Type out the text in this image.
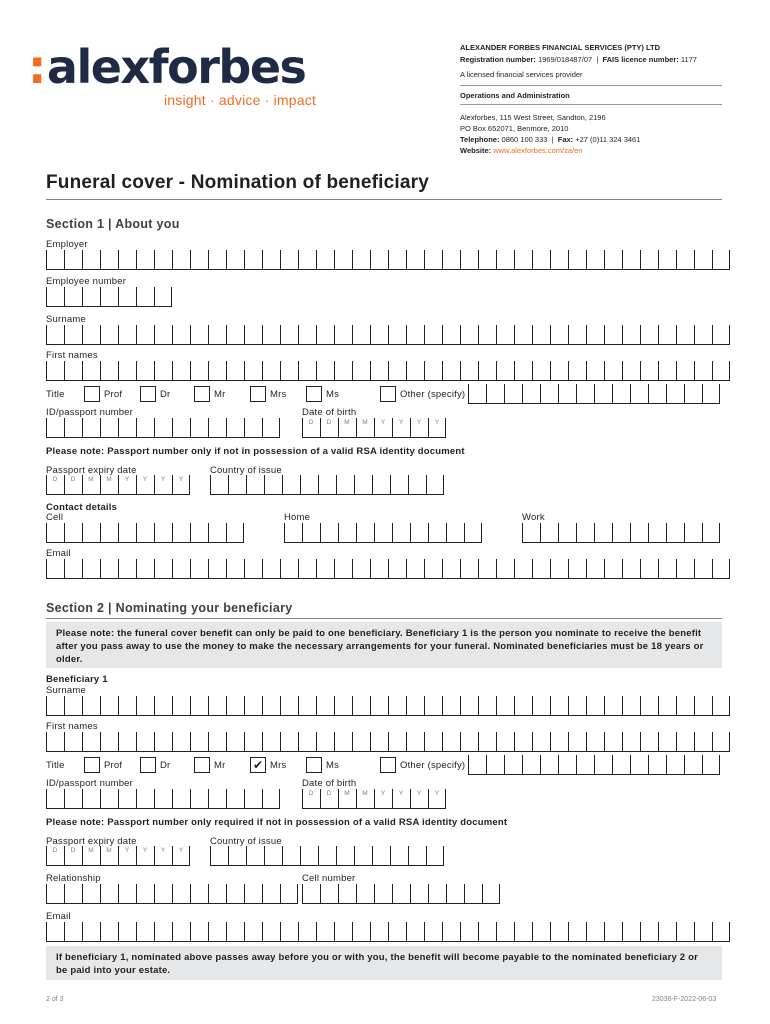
:alexforbes
insight · advice · impact
ALEXANDER FORBES FINANCIAL SERVICES (PTY) LTD
Registration number: 1969/018487/07  |  FAIS licence number: 1177
A licensed financial services provider
Operations and Administration
Alexforbes, 115 West Street, Sandton, 2196
PO Box 652071, Benmore, 2010
Telephone: 0860 100 333  |  Fax: +27 (0)11 324 3461
Website: www.alexforbes.com/za/en
Funeral cover - Nomination of beneficiary
Section 1 | About you
Employer
Employee number
Surname
First names
Title	Prof	Dr	Mr	Mrs	Ms	Other (specify)
ID/passport number	Date of birth
D	D	M	M	Y	Y	Y	Y
Please note: Passport number only if not in possession of a valid RSA identity document
Passport expiry date
D	D	M	M	Y	Y	Y	Y
Country of issue
Contact details
Cell	Home	Work
Email
Section 2 | Nominating your beneficiary
Please note: the funeral cover benefit can only be paid to one beneficiary. Beneficiary 1 is the person you nominate to receive the benefit after you pass away to use the money to make the necessary arrangements for your funeral. Nominated beneficiaries must be 18 years or older.
Beneficiary 1
Surname
First names
Title	Prof	Dr	Mr ✔ Mrs	Ms	Other (specify)
ID/passport number	Date of birth
D	D	M	M	Y	Y	Y	Y
Please note: Passport number only required if not in possession of a valid RSA identity document
Passport expiry date
D	D	M	M	Y	Y	Y	Y
Country of issue
Relationship	Cell number
Email
If beneficiary 1, nominated above passes away before you or with you, the benefit will become payable to the nominated beneficiary 2 or be paid into your estate.
2 of 3	23036-F-2022-06-03
